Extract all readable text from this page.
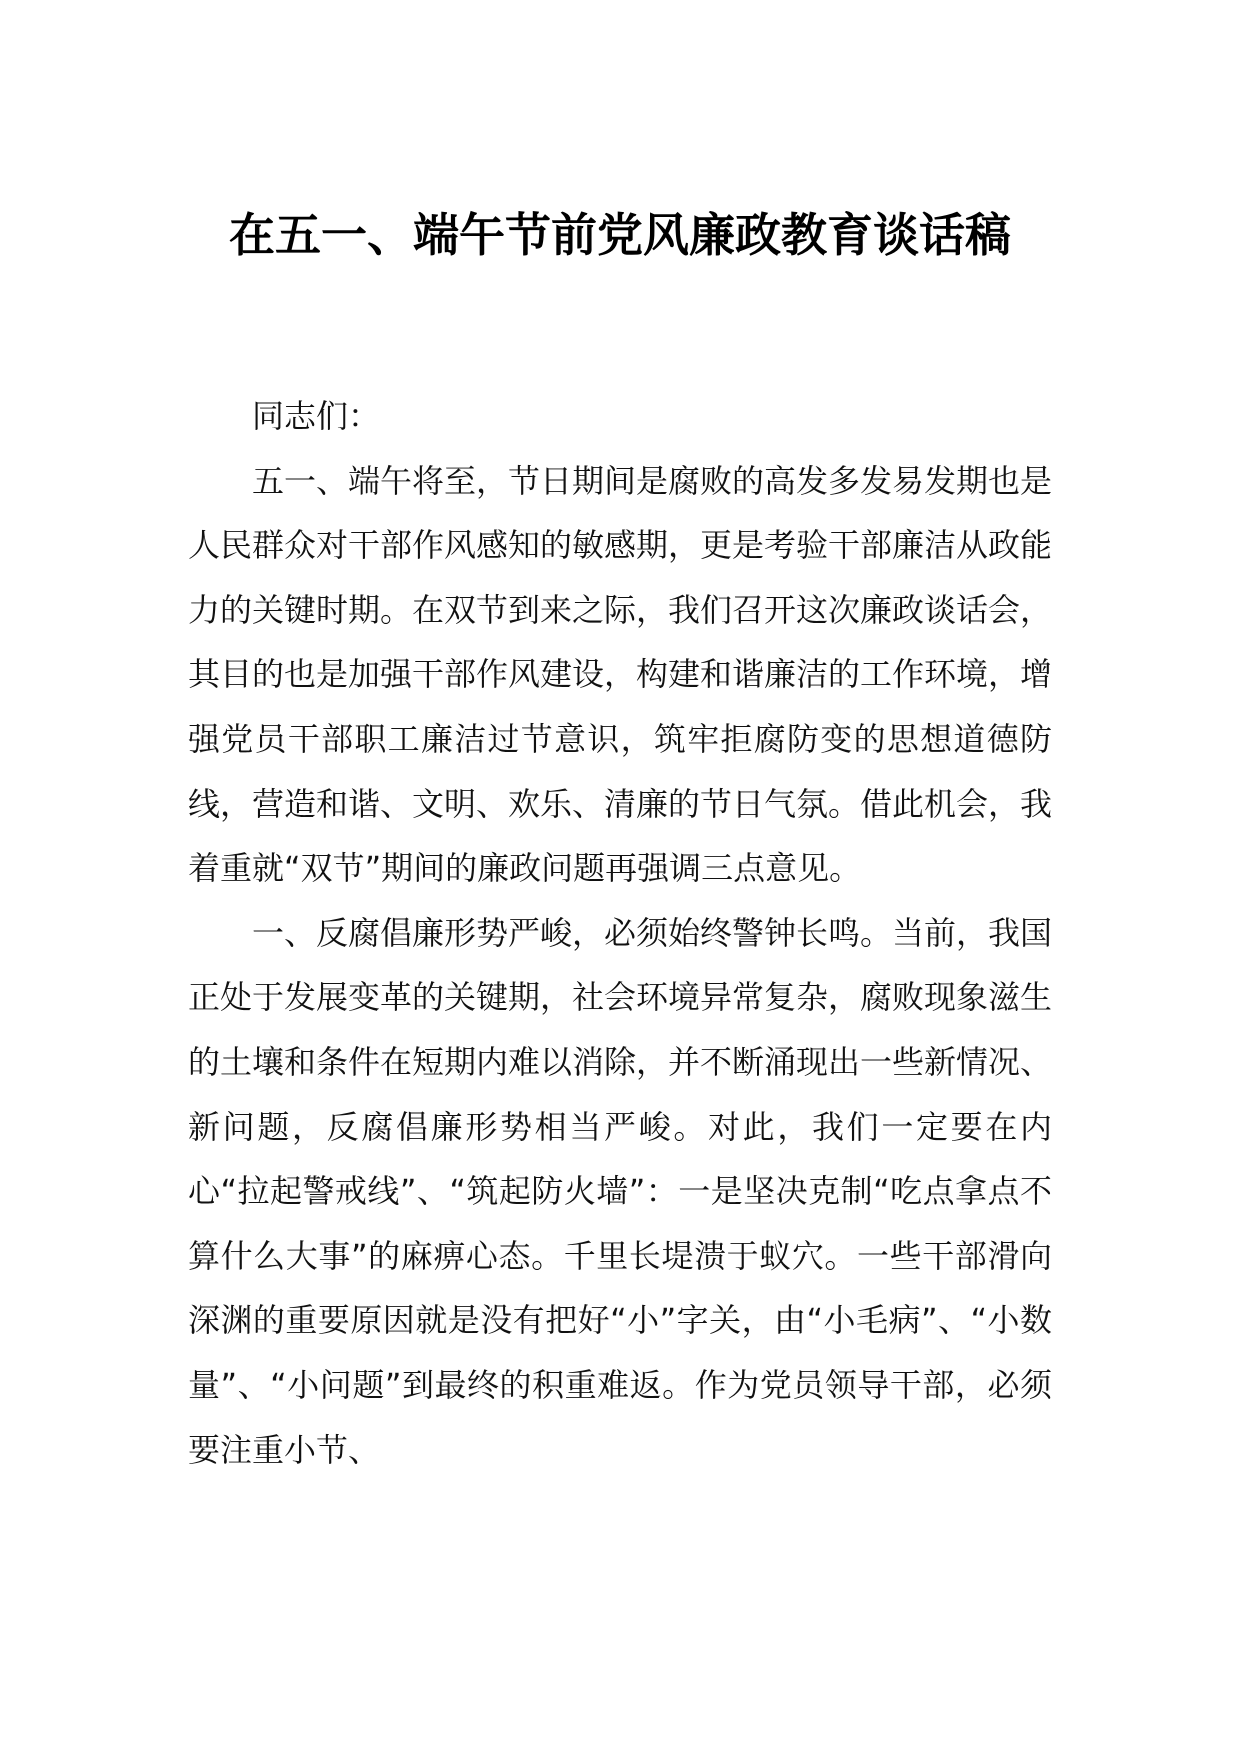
在五一、端午节前党风廉政教育谈话稿

同志们：

五一、端午将至，节日期间是腐败的高发多发易发期也是人民群众对干部作风感知的敏感期，更是考验干部廉洁从政能力的关键时期。在双节到来之际，我们召开这次廉政谈话会，其目的也是加强干部作风建设，构建和谐廉洁的工作环境，增强党员干部职工廉洁过节意识，筑牢拒腐防变的思想道德防线，营造和谐、文明、欢乐、清廉的节日气氛。借此机会，我着重就“双节”期间的廉政问题再强调三点意见。

一、反腐倡廉形势严峻，必须始终警钟长鸣。当前，我国正处于发展变革的关键期，社会环境异常复杂，腐败现象滋生的土壤和条件在短期内难以消除，并不断涌现出一些新情况、新问题，反腐倡廉形势相当严峻。对此，我们一定要在内心“拉起警戒线”、“筑起防火墙”：一是坚决克制“吃点拿点不算什么大事”的麻痹心态。千里长堤溃于蚁穴。一些干部滑向深渊的重要原因就是没有把好“小”字关，由“小毛病”、“小数量”、“小问题”到最终的积重难返。作为党员领导干部，必须要注重小节、
